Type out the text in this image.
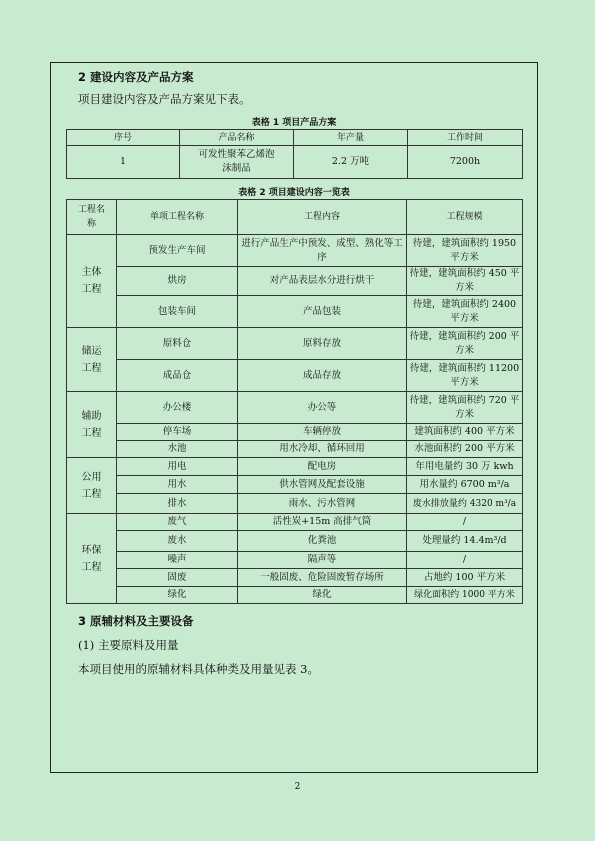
2 建设内容及产品方案
项目建设内容及产品方案见下表。
表格 1 项目产品方案
序号	产品名称	年产量	工作时间
1	可发性聚苯乙烯泡沫制品	2.2 万吨	7200h
表格 2 项目建设内容一览表
工程名称	单项工程名称	工程内容	工程规模
主体工程	预发生产车间	进行产品生产中预发、成型、熟化等工序	待建，建筑面积约 1950 平方米
	烘房	对产品表层水分进行烘干	待建，建筑面积约 450 平方米
	包装车间	产品包装	待建，建筑面积约 2400 平方米
储运工程	原料仓	原料存放	待建，建筑面积约 200 平方米
	成品仓	成品存放	待建，建筑面积约 11200 平方米
辅助工程	办公楼	办公等	待建，建筑面积约 720 平方米
	停车场	车辆停放	建筑面积约 400 平方米
	水池	用水冷却、循环回用	水池面积约 200 平方米
公用工程	用电	配电房	年用电量约 30 万 kwh
	用水	供水管网及配套设施	用水量约 6700 m³/a
	排水	雨水、污水管网	废水排放量约 4320 m³/a
环保工程	废气	活性炭+15m 高排气筒	/
	废水	化粪池	处理量约 14.4m³/d
	噪声	隔声等	/
	固废	一般固废、危险固废暂存场所	占地约 100 平方米
	绿化	绿化	绿化面积约 1000 平方米
3 原辅材料及主要设备
(1) 主要原料及用量
本项目使用的原辅材料具体种类及用量见表 3。
2
